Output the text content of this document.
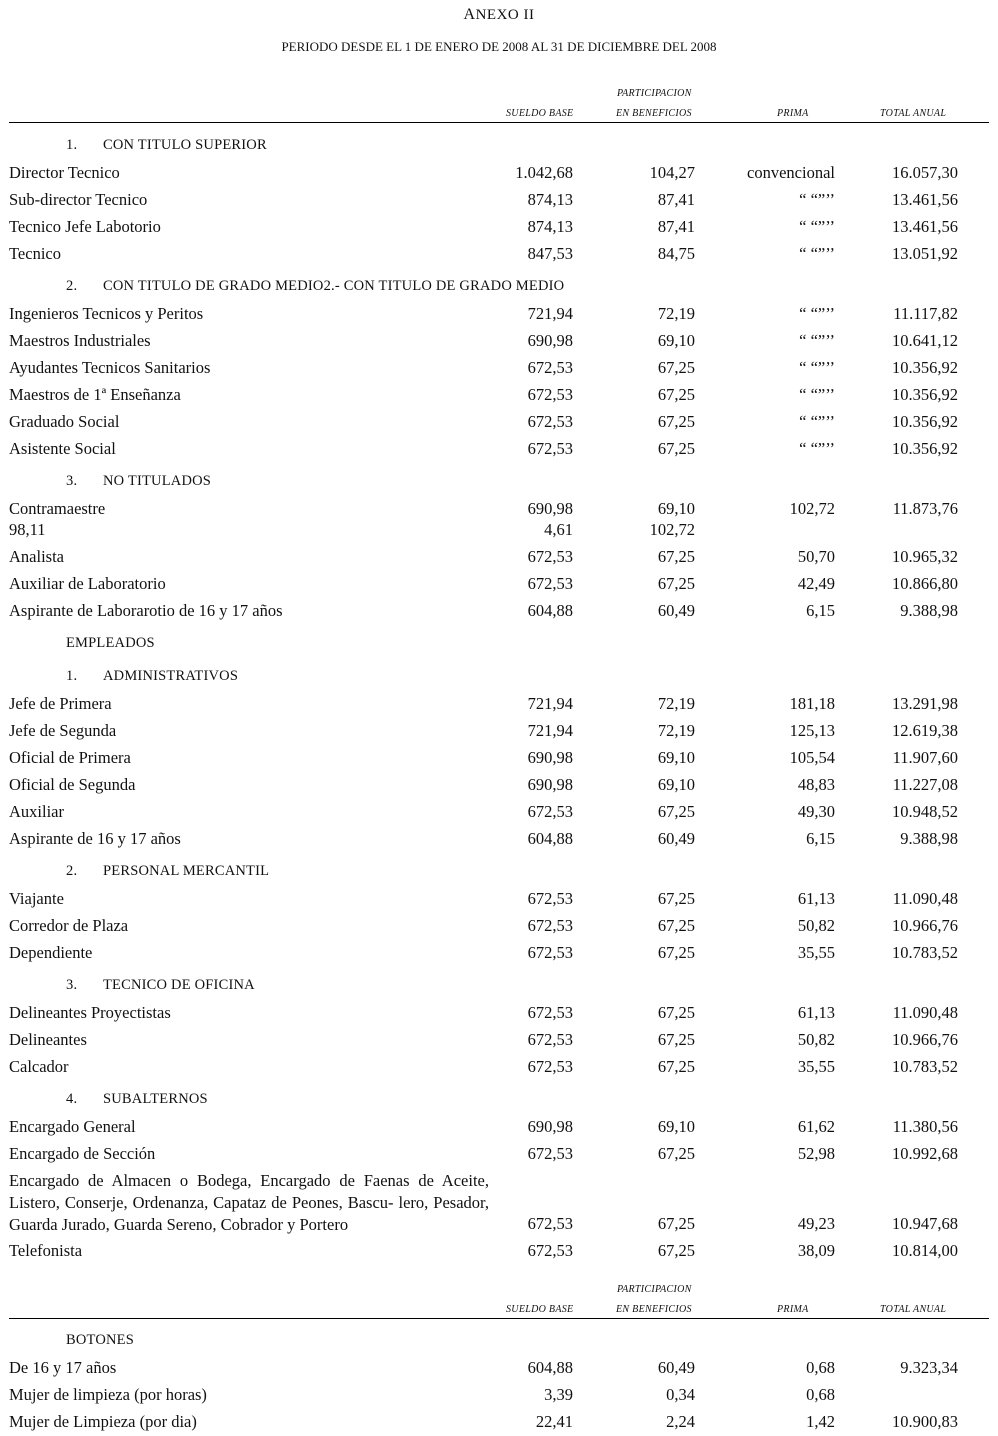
ANEXO II
PERIODO DESDE EL 1 DE ENERO DE 2008 AL 31 DE DICIEMBRE DEL 2008
PARTICIPACION
SUELDO BASE	EN BENEFICIOS	PRIMA	TOTAL ANUAL
1. CON TITULO SUPERIOR
Director Tecnico	1.042,68	104,27	convencional	16.057,30
Sub-director Tecnico	874,13	87,41	“ “”’’	13.461,56
Tecnico Jefe Labotorio	874,13	87,41	“ “”’’	13.461,56
Tecnico	847,53	84,75	“ “”’’	13.051,92
2. CON TITULO DE GRADO MEDIO2.- CON TITULO DE GRADO MEDIO
Ingenieros Tecnicos y Peritos	721,94	72,19	“ “”’’	11.117,82
Maestros Industriales	690,98	69,10	“ “”’’	10.641,12
Ayudantes Tecnicos Sanitarios	672,53	67,25	“ “”’’	10.356,92
Maestros de 1ª Enseñanza	672,53	67,25	“ “”’’	10.356,92
Graduado Social	672,53	67,25	“ “”’’	10.356,92
Asistente Social	672,53	67,25	“ “”’’	10.356,92
3. NO TITULADOS
Contramaestre	690,98	69,10	102,72	11.873,76
98,11	4,61	102,72
Analista	672,53	67,25	50,70	10.965,32
Auxiliar de Laboratorio	672,53	67,25	42,49	10.866,80
Aspirante de Laborarotio de 16 y 17 años	604,88	60,49	6,15	9.388,98
EMPLEADOS
1. ADMINISTRATIVOS
Jefe de Primera	721,94	72,19	181,18	13.291,98
Jefe de Segunda	721,94	72,19	125,13	12.619,38
Oficial de Primera	690,98	69,10	105,54	11.907,60
Oficial de Segunda	690,98	69,10	48,83	11.227,08
Auxiliar	672,53	67,25	49,30	10.948,52
Aspirante de 16 y 17 años	604,88	60,49	6,15	9.388,98
2. PERSONAL MERCANTIL
Viajante	672,53	67,25	61,13	11.090,48
Corredor de Plaza	672,53	67,25	50,82	10.966,76
Dependiente	672,53	67,25	35,55	10.783,52
3. TECNICO DE OFICINA
Delineantes Proyectistas	672,53	67,25	61,13	11.090,48
Delineantes	672,53	67,25	50,82	10.966,76
Calcador	672,53	67,25	35,55	10.783,52
4. SUBALTERNOS
Encargado General	690,98	69,10	61,62	11.380,56
Encargado de Sección	672,53	67,25	52,98	10.992,68
Encargado de Almacen o Bodega, Encargado de Faenas de Aceite, Listero, Conserje, Ordenanza, Capataz de Peones, Bascu- lero, Pesador, Guarda Jurado, Guarda Sereno, Cobrador y Portero	672,53	67,25	49,23	10.947,68
Telefonista	672,53	67,25	38,09	10.814,00
PARTICIPACION
SUELDO BASE	EN BENEFICIOS	PRIMA	TOTAL ANUAL
BOTONES
De 16 y 17 años	604,88	60,49	0,68	9.323,34
Mujer de limpieza (por horas)	3,39	0,34	0,68
Mujer de Limpieza (por dia)	22,41	2,24	1,42	10.900,83
